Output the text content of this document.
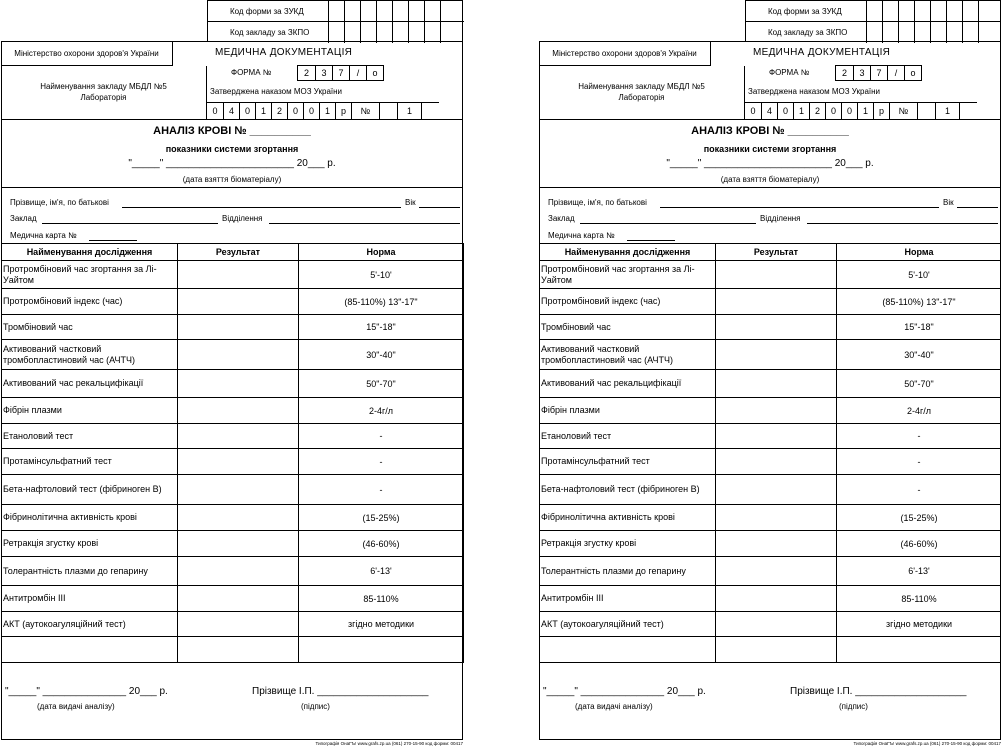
Код форми за ЗУКД
Код закладу за ЗКПО
Міністерство охорони здоров'я України
Найменування закладу МБДЛ №5
Лабораторія
МЕДИЧНА ДОКУМЕНТАЦІЯ
ФОРМА №	2	3	7	/	о
Затверджена наказом МОЗ України
0	4	0	1	2	0	0	1	р	№	1
АНАЛІЗ КРОВІ № __________
показники системи згортання
"_____" _______________________ 20___ р.
(дата взяття біоматеріалу)
Прізвище, ім'я, по батькові	Вік
Заклад	Відділення
Медична карта №
Найменування дослідження	Результат	Норма
Протромбіновий час згортання за Лі-Уайтом		5'-10'
Протромбіновий індекс (час)		(85-110%) 13"-17"
Тромбіновий час		15"-18"
Активований частковий тромбопластиновий час (АЧТЧ)		30"-40"
Активований час рекальцифікації		50"-70"
Фібрін плазми		2-4г/л
Етаноловий тест		-
Протамінсульфатний тест		-
Бета-нафтоловий тест (фібриноген В)		-
Фібринолітична активність крові		(15-25%)
Ретракція згустку крові		(46-60%)
Толерантність плазми до гепарину		6'-13'
Антитромбін ІІІ		85-110%
АКТ (аутокоагуляційний тест)		згідно методики

"_____" _______________ 20___ р.
(дата видачі аналізу)
Прізвище І.П. ____________________
(підпис)
Типографія ОнаГЪ! www.grafs.zp.ua (061) 270-15-90 код форми: 00417
Код форми за ЗУКД
Код закладу за ЗКПО
Міністерство охорони здоров'я України
Найменування закладу МБДЛ №5
Лабораторія
МЕДИЧНА ДОКУМЕНТАЦІЯ
ФОРМА №	2	3	7	/	о
Затверджена наказом МОЗ України
0	4	0	1	2	0	0	1	р	№	1
АНАЛІЗ КРОВІ № __________
показники системи згортання
"_____" _______________________ 20___ р.
(дата взяття біоматеріалу)
Прізвище, ім'я, по батькові	Вік
Заклад	Відділення
Медична карта №
Найменування дослідження	Результат	Норма
Протромбіновий час згортання за Лі-Уайтом		5'-10'
Протромбіновий індекс (час)		(85-110%) 13"-17"
Тромбіновий час		15"-18"
Активований частковий тромбопластиновий час (АЧТЧ)		30"-40"
Активований час рекальцифікації		50"-70"
Фібрін плазми		2-4г/л
Етаноловий тест		-
Протамінсульфатний тест		-
Бета-нафтоловий тест (фібриноген В)		-
Фібринолітична активність крові		(15-25%)
Ретракція згустку крові		(46-60%)
Толерантність плазми до гепарину		6'-13'
Антитромбін ІІІ		85-110%
АКТ (аутокоагуляційний тест)		згідно методики

"_____" _______________ 20___ р.
(дата видачі аналізу)
Прізвище І.П. ____________________
(підпис)
Типографія ОнаГЪ! www.grafs.zp.ua (061) 270-15-90 код форми: 00417
